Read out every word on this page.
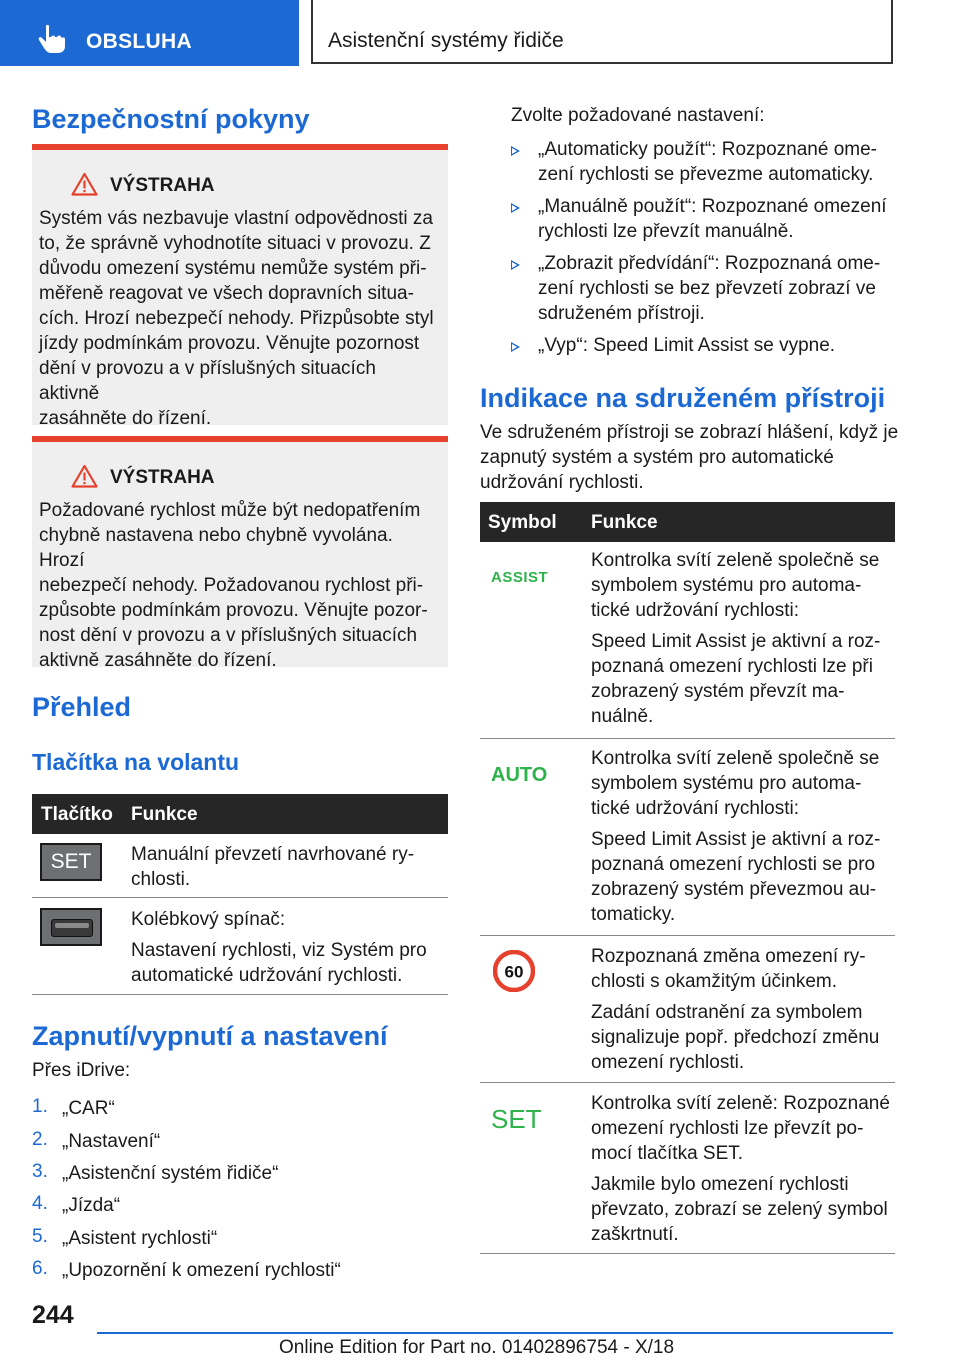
OBSLUHA	Asistenční systémy řidiče
Bezpečnostní pokyny
VÝSTRAHA
Systém vás nezbavuje vlastní odpovědnosti za
to, že správně vyhodnotíte situaci v provozu. Z
důvodu omezení systému nemůže systém při‐
měřeně reagovat ve všech dopravních situa‐
cích. Hrozí nebezpečí nehody. Přizpůsobte styl
jízdy podmínkám provozu. Věnujte pozornost
dění v provozu a v příslušných situacích aktivně
zasáhněte do řízení.
VÝSTRAHA
Požadované rychlost může být nedopatřením
chybně nastavena nebo chybně vyvolána. Hrozí
nebezpečí nehody. Požadovanou rychlost při‐
způsobte podmínkám provozu. Věnujte pozor‐
nost dění v provozu a v příslušných situacích
aktivně zasáhněte do řízení.
Přehled
Tlačítka na volantu
Tlačítko Funkce
SET	Manuální převzetí navrhované ry‐
chlosti.

Kolébkový spínač:

Nastavení rychlosti, viz Systém pro
automatické udržování rychlosti.
Zapnutí/vypnutí a nastavení
Přes iDrive:
1. „CAR“
2. „Nastavení“
3. „Asistenční systém řidiče“
4. „Jízda“
5. „Asistent rychlosti“
6. „Upozornění k omezení rychlosti“
Zvolte požadované nastavení:
„Automaticky použít“: Rozpoznané ome‐
zení rychlosti se převezme automaticky.
„Manuálně použít“: Rozpoznané omezení
rychlosti lze převzít manuálně.
„Zobrazit předvídání“: Rozpoznaná ome‐
zení rychlosti se bez převzetí zobrazí ve
sdruženém přístroji.
„Vyp“: Speed Limit Assist se vypne.
Indikace na sdruženém přístroji
Ve sdruženém přístroji se zobrazí hlášení, když je
zapnutý systém a systém pro automatické
udržování rychlosti.
Symbol Funkce
ASSIST

Kontrolka svítí zeleně společně se
symbolem systému pro automa‐
tické udržování rychlosti:

Speed Limit Assist je aktivní a roz‐
poznaná omezení rychlosti lze při
zobrazený systém převzít ma‐
nuálně.

AUTO

Kontrolka svítí zeleně společně se
symbolem systému pro automa‐
tické udržování rychlosti:

Speed Limit Assist je aktivní a roz‐
poznaná omezení rychlosti se pro
zobrazený systém převezmou au‐
tomaticky.

60

Rozpoznaná změna omezení ry‐
chlosti s okamžitým účinkem.

Zadání odstranění za symbolem
signalizuje popř. předchozí změnu
omezení rychlosti.

SET

Kontrolka svítí zeleně: Rozpoznané
omezení rychlosti lze převzít po‐
mocí tlačítka SET.

Jakmile bylo omezení rychlosti
převzato, zobrazí se zelený symbol
zaškrtnutí.

244
Online Edition for Part no. 01402896754 - X/18
